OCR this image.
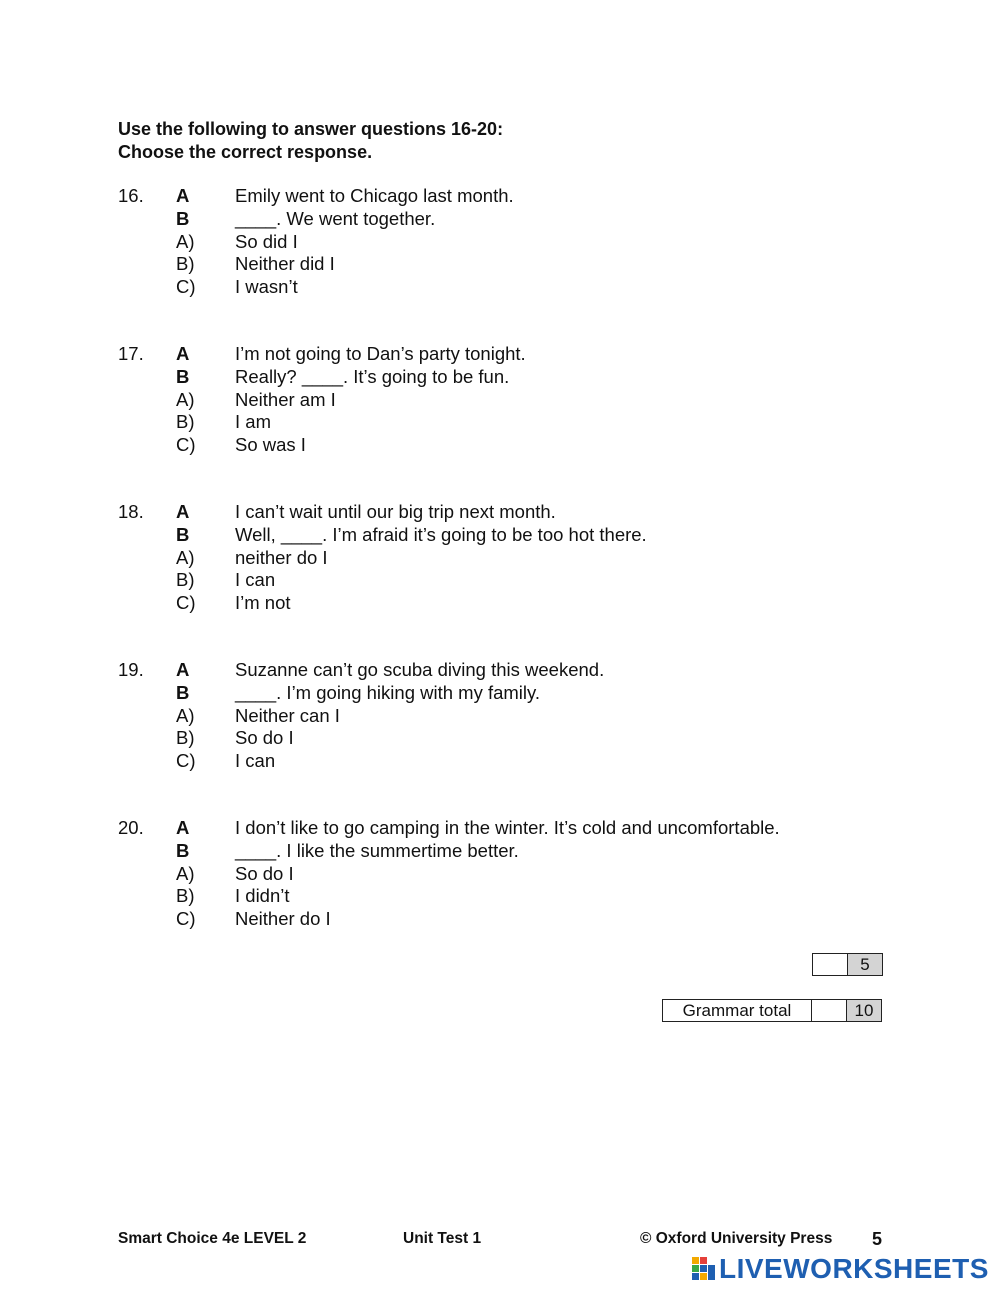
Use the following to answer questions 16-20:
Choose the correct response.
16. A Emily went to Chicago last month.
B ____. We went together.
A) So did I
B) Neither did I
C) I wasn’t
17. A I’m not going to Dan’s party tonight.
B Really? ____. It’s going to be fun.
A) Neither am I
B) I am
C) So was I
18. A I can’t wait until our big trip next month.
B Well, ____. I’m afraid it’s going to be too hot there.
A) neither do I
B) I can
C) I’m not
19. A Suzanne can’t go scuba diving this weekend.
B ____. I’m going hiking with my family.
A) Neither can I
B) So do I
C) I can
20. A I don’t like to go camping in the winter. It’s cold and uncomfortable.
B ____. I like the summertime better.
A) So do I
B) I didn’t
C) Neither do I
	5
Grammar total		10
Smart Choice 4e LEVEL 2	Unit Test 1	© Oxford University Press 5
LIVEWORKSHEETS
